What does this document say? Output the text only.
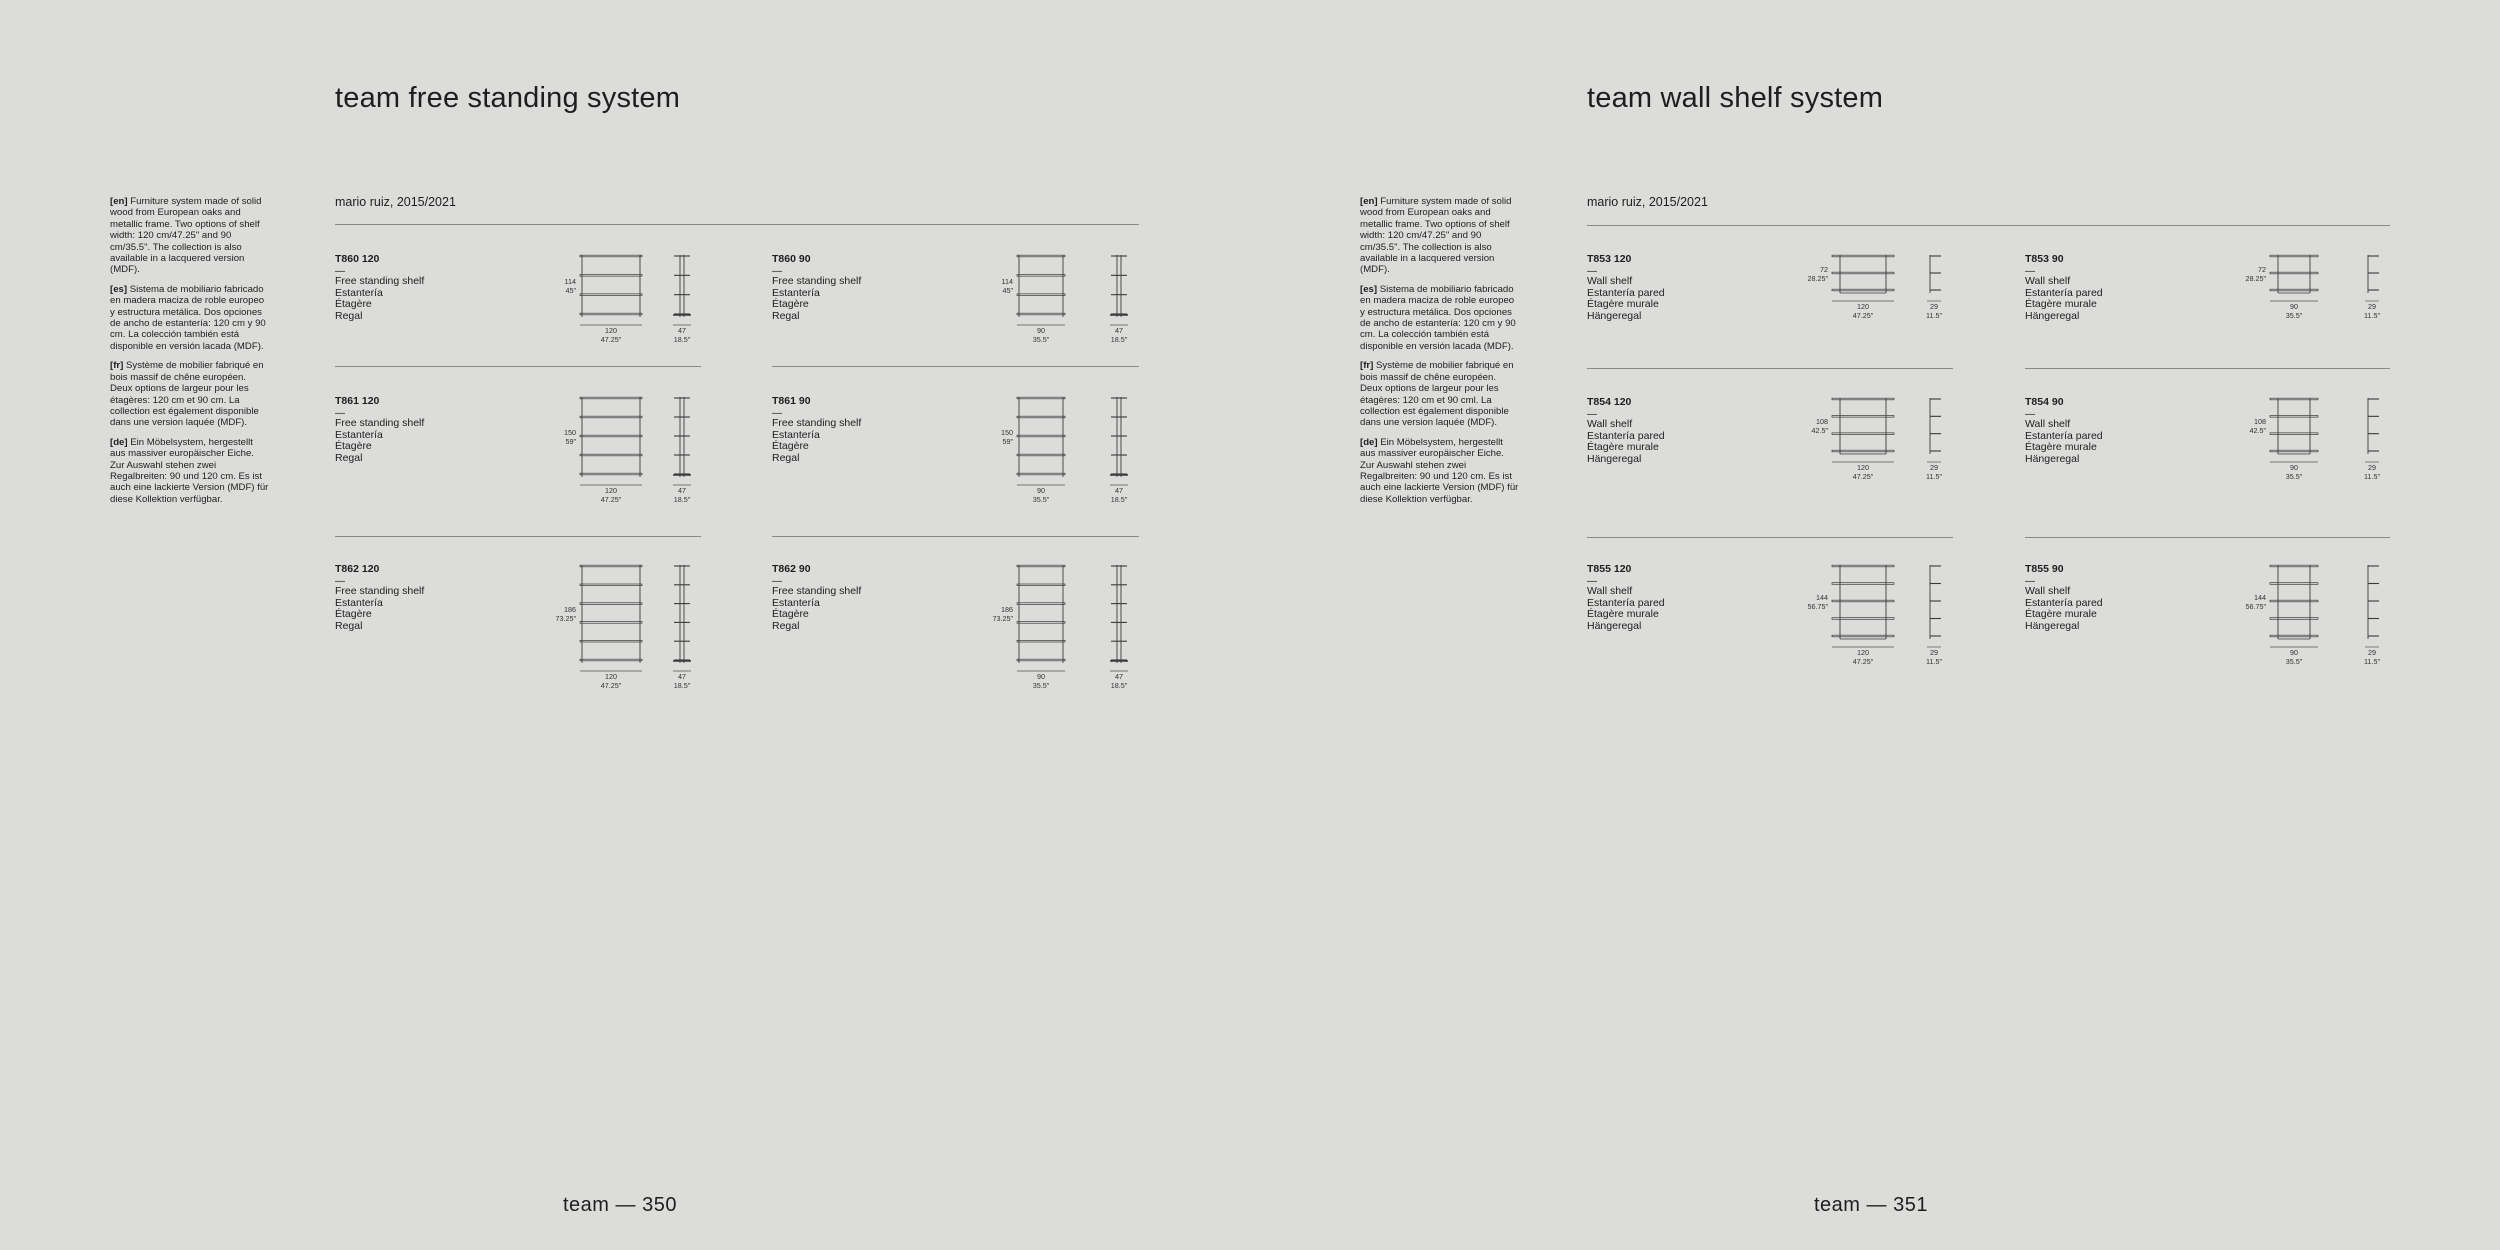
team free standing system

[en] Furniture system made of solid wood from European oaks and metallic frame. Two options of shelf width: 120 cm/47.25" and 90 cm/35.5". The collection is also available in a lacquered version (MDF).

[es] Sistema de mobiliario fabricado en madera maciza de roble europeo y estructura metálica. Dos opciones de ancho de estantería: 120 cm y 90 cm. La colección también está disponible en versión lacada (MDF).

[fr] Système de mobilier fabriqué en bois massif de chêne européen. Deux options de largeur pour les étagères: 120 cm et 90 cm. La collection est également disponible dans une version laquée (MDF).

[de] Ein Möbelsystem, hergestellt aus massiver europäischer Eiche. Zur Auswahl stehen zwei Regalbreiten: 90 und 120 cm. Es ist auch eine lackierte Version (MDF) für diese Kollektion verfügbar.

mario ruiz, 2015/2021
T860 120
—
Free standing shelf
Estantería
Étagère
Regal
114
45"
120
47.25"
47
18.5"
T860 90
—
Free standing shelf
Estantería
Étagère
Regal
114
45"
90
35.5"
47
18.5"
T861 120
—
Free standing shelf
Estantería
Étagère
Regal
150
59"
120
47.25"
47
18.5"
T861 90
—
Free standing shelf
Estantería
Étagère
Regal
150
59"
90
35.5"
47
18.5"
T862 120
—
Free standing shelf
Estantería
Étagère
Regal
186
73.25"
120
47.25"
47
18.5"
T862 90
—
Free standing shelf
Estantería
Étagère
Regal
186
73.25"
90
35.5"
47
18.5"
team — 350
team wall shelf system

[en] Furniture system made of solid wood from European oaks and metallic frame. Two options of shelf width: 120 cm/47.25" and 90 cm/35.5". The collection is also available in a lacquered version (MDF).

[es] Sistema de mobiliario fabricado en madera maciza de roble europeo y estructura metálica. Dos opciones de ancho de estantería: 120 cm y 90 cm. La colección también está disponible en versión lacada (MDF).

[fr] Système de mobilier fabriqué en bois massif de chêne européen. Deux options de largeur pour les étagères: 120 cm et 90 cml. La collection est également disponible dans une version laquée (MDF).

[de] Ein Möbelsystem, hergestellt aus massiver europäischer Eiche. Zur Auswahl stehen zwei Regalbreiten: 90 und 120 cm. Es ist auch eine lackierte Version (MDF) für diese Kollektion verfügbar.

mario ruiz, 2015/2021
T853 120
—
Wall shelf
Estantería pared
Étagère murale
Hängeregal
72
28.25"
120
47.25"
29
11.5"
T853 90
—
Wall shelf
Estantería pared
Étagère murale
Hängeregal
72
28.25"
90
35.5"
29
11.5"
T854 120
—
Wall shelf
Estantería pared
Étagère murale
Hängeregal
108
42.5"
120
47.25"
29
11.5"
T854 90
—
Wall shelf
Estantería pared
Étagère murale
Hängeregal
108
42.5"
90
35.5"
29
11.5"
T855 120
—
Wall shelf
Estantería pared
Étagère murale
Hängeregal
144
56.75"
120
47.25"
29
11.5"
T855 90
—
Wall shelf
Estantería pared
Étagère murale
Hängeregal
144
56.75"
90
35.5"
29
11.5"
team — 351
